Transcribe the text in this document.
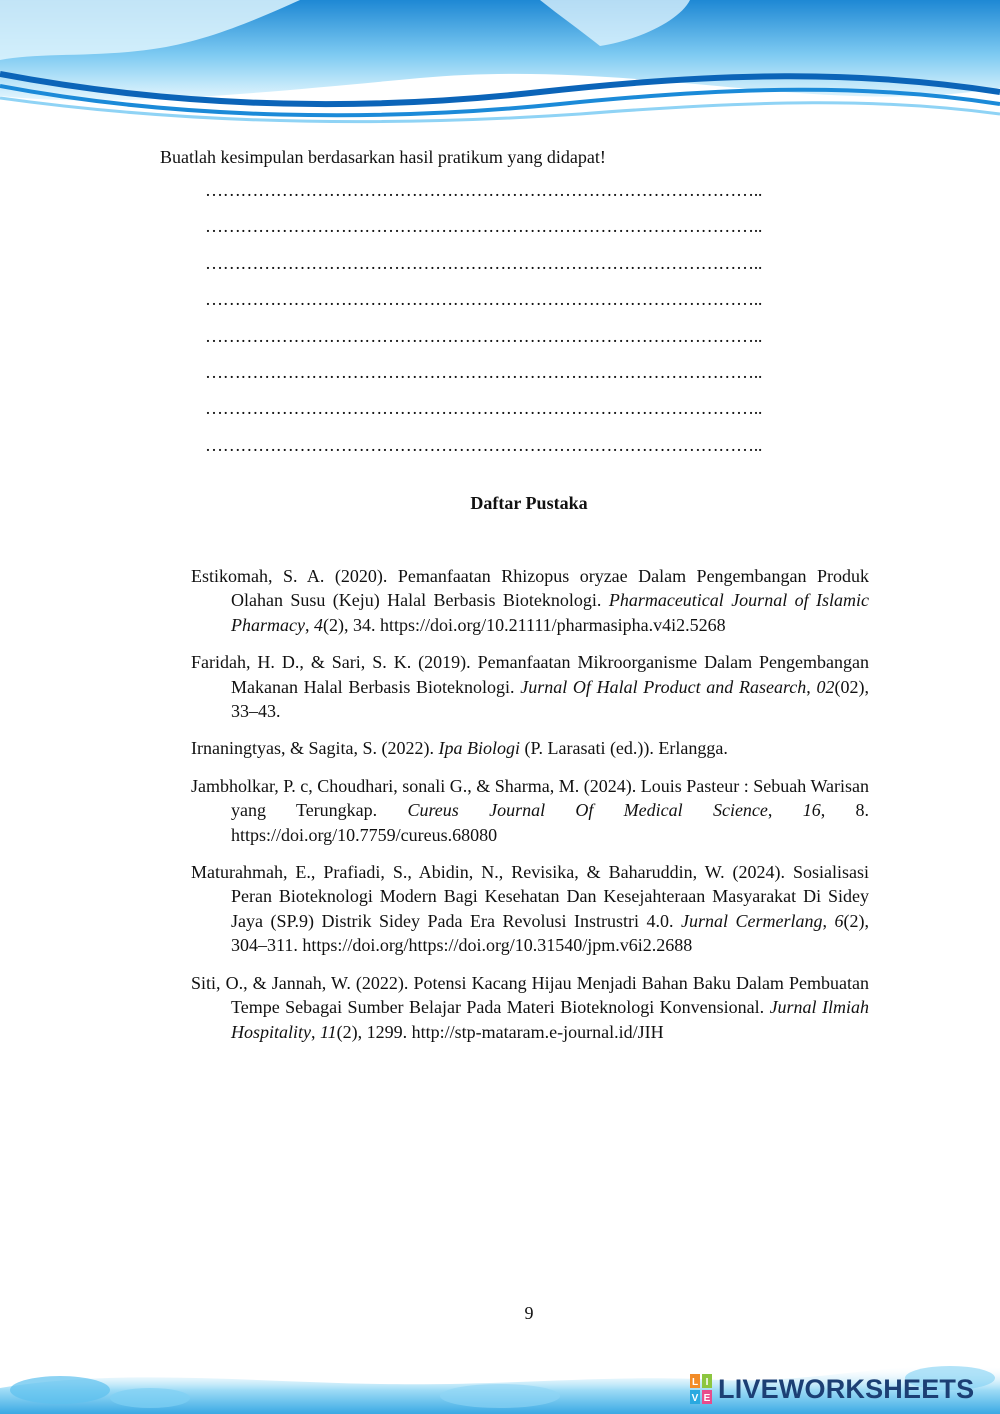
Buatlah kesimpulan berdasarkan hasil pratikum yang didapat!

…………………………………………………………………………………..
…………………………………………………………………………………..
…………………………………………………………………………………..
…………………………………………………………………………………..
…………………………………………………………………………………..
…………………………………………………………………………………..
…………………………………………………………………………………..
…………………………………………………………………………………..
Daftar Pustaka

Estikomah, S. A. (2020). Pemanfaatan Rhizopus oryzae Dalam Pengembangan Produk Olahan Susu (Keju) Halal Berbasis Bioteknologi. Pharmaceutical Journal of Islamic Pharmacy, 4(2), 34. https://doi.org/10.21111/pharmasipha.v4i2.5268

Faridah, H. D., & Sari, S. K. (2019). Pemanfaatan Mikroorganisme Dalam Pengembangan Makanan Halal Berbasis Bioteknologi. Jurnal Of Halal Product and Rasearch, 02(02), 33–43.

Irnaningtyas, & Sagita, S. (2022). Ipa Biologi (P. Larasati (ed.)). Erlangga.

Jambholkar, P. c, Choudhari, sonali G., & Sharma, M. (2024). Louis Pasteur : Sebuah Warisan yang Terungkap. Cureus Journal Of Medical Science, 16, 8. https://doi.org/10.7759/cureus.68080

Maturahmah, E., Prafiadi, S., Abidin, N., Revisika, & Baharuddin, W. (2024). Sosialisasi Peran Bioteknologi Modern Bagi Kesehatan Dan Kesejahteraan Masyarakat Di Sidey Jaya (SP.9) Distrik Sidey Pada Era Revolusi Instrustri 4.0. Jurnal Cermerlang, 6(2), 304–311. https://doi.org/https://doi.org/10.31540/jpm.v6i2.2688

Siti, O., & Jannah, W. (2022). Potensi Kacang Hijau Menjadi Bahan Baku Dalam Pembuatan Tempe Sebagai Sumber Belajar Pada Materi Bioteknologi Konvensional. Jurnal Ilmiah Hospitality, 11(2), 1299. http://stp-mataram.e-journal.id/JIH

9
L I
V E LIVEWORKSHEETS
